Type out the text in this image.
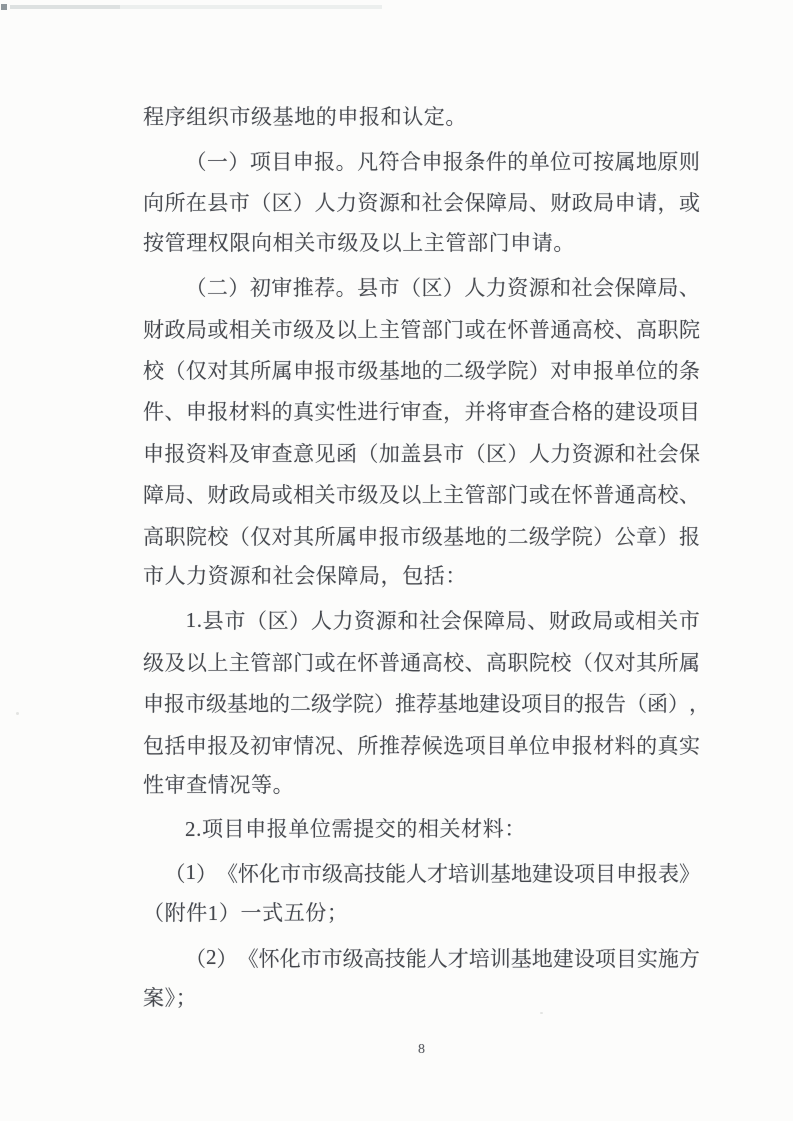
程序组织市级基地的申报和认定。
（ 一 ） 项 目 申 报 。 凡 符 合 申 报 条 件 的 单 位 可 按 属 地 原 则
向 所 在 县 市 （ 区 ） 人 力 资 源 和 社 会 保 障 局 、 财 政 局 申 请 ， 或
按管理权限向相关市级及以上主管部门申请。
（ 二 ） 初 审 推 荐 。 县 市 （ 区 ） 人 力 资 源 和 社 会 保 障 局 、
财 政 局 或 相 关 市 级 及 以 上 主 管 部 门 或 在 怀 普 通 高 校 、 高 职 院
校 （ 仅 对 其 所 属 申 报 市 级 基 地 的 二 级 学 院 ） 对 申 报 单 位 的 条
件 、 申 报 材 料 的 真 实 性 进 行 审 查 ， 并 将 审 查 合 格 的 建 设 项 目
申 报 资 料 及 审 查 意 见 函 （ 加 盖 县 市 （ 区 ） 人 力 资 源 和 社 会 保
障 局 、 财 政 局 或 相 关 市 级 及 以 上 主 管 部 门 或 在 怀 普 通 高 校 、
高 职 院 校 （ 仅 对 其 所 属 申 报 市 级 基 地 的 二 级 学 院 ） 公 章 ） 报
市人力资源和社会保障局，包括：
1 . 县 市 （ 区 ） 人 力 资 源 和 社 会 保 障 局 、 财 政 局 或 相 关 市
级 及 以 上 主 管 部 门 或 在 怀 普 通 高 校 、 高 职 院 校 （ 仅 对 其 所 属
申 报 市 级 基 地 的 二 级 学 院 ） 推 荐 基 地 建 设 项 目 的 报 告 （ 函 ） ，
包 括 申 报 及 初 审 情 况 、 所 推 荐 候 选 项 目 单 位 申 报 材 料 的 真 实
性审查情况等。
2.项目申报单位需提交的相关材料：
（ 1 ） 《 怀 化 市 市 级 高 技 能 人 才 培 训 基 地 建 设 项 目 申 报 表 》
（附件1）一式五份；
（ 2 ） 《 怀 化 市 市 级 高 技 能 人 才 培 训 基 地 建 设 项 目 实 施 方
案》；
8
